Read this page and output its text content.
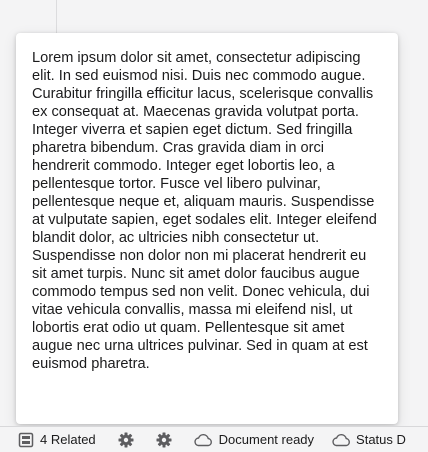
Lorem ipsum dolor sit amet, consectetur adipiscing elit. In sed euismod nisi. Duis nec commodo augue. Curabitur fringilla efficitur lacus, scelerisque convallis ex consequat at. Maecenas gravida volutpat porta. Integer viverra et sapien eget dictum. Sed fringilla pharetra bibendum. Cras gravida diam in orci hendrerit commodo. Integer eget lobortis leo, a pellentesque tortor. Fusce vel libero pulvinar, pellentesque neque et, aliquam mauris. Suspendisse at vulputate sapien, eget sodales elit. Integer eleifend blandit dolor, ac ultricies nibh consectetur ut. Suspendisse non dolor non mi placerat hendrerit eu sit amet turpis. Nunc sit amet dolor faucibus augue commodo tempus sed non velit. Donec vehicula, dui vitae vehicula convallis, massa mi eleifend nisl, ut lobortis erat odio ut quam. Pellentesque sit amet augue nec urna ultrices pulvinar. Sed in quam at est euismod pharetra.

4 Related	Document ready	Status D
